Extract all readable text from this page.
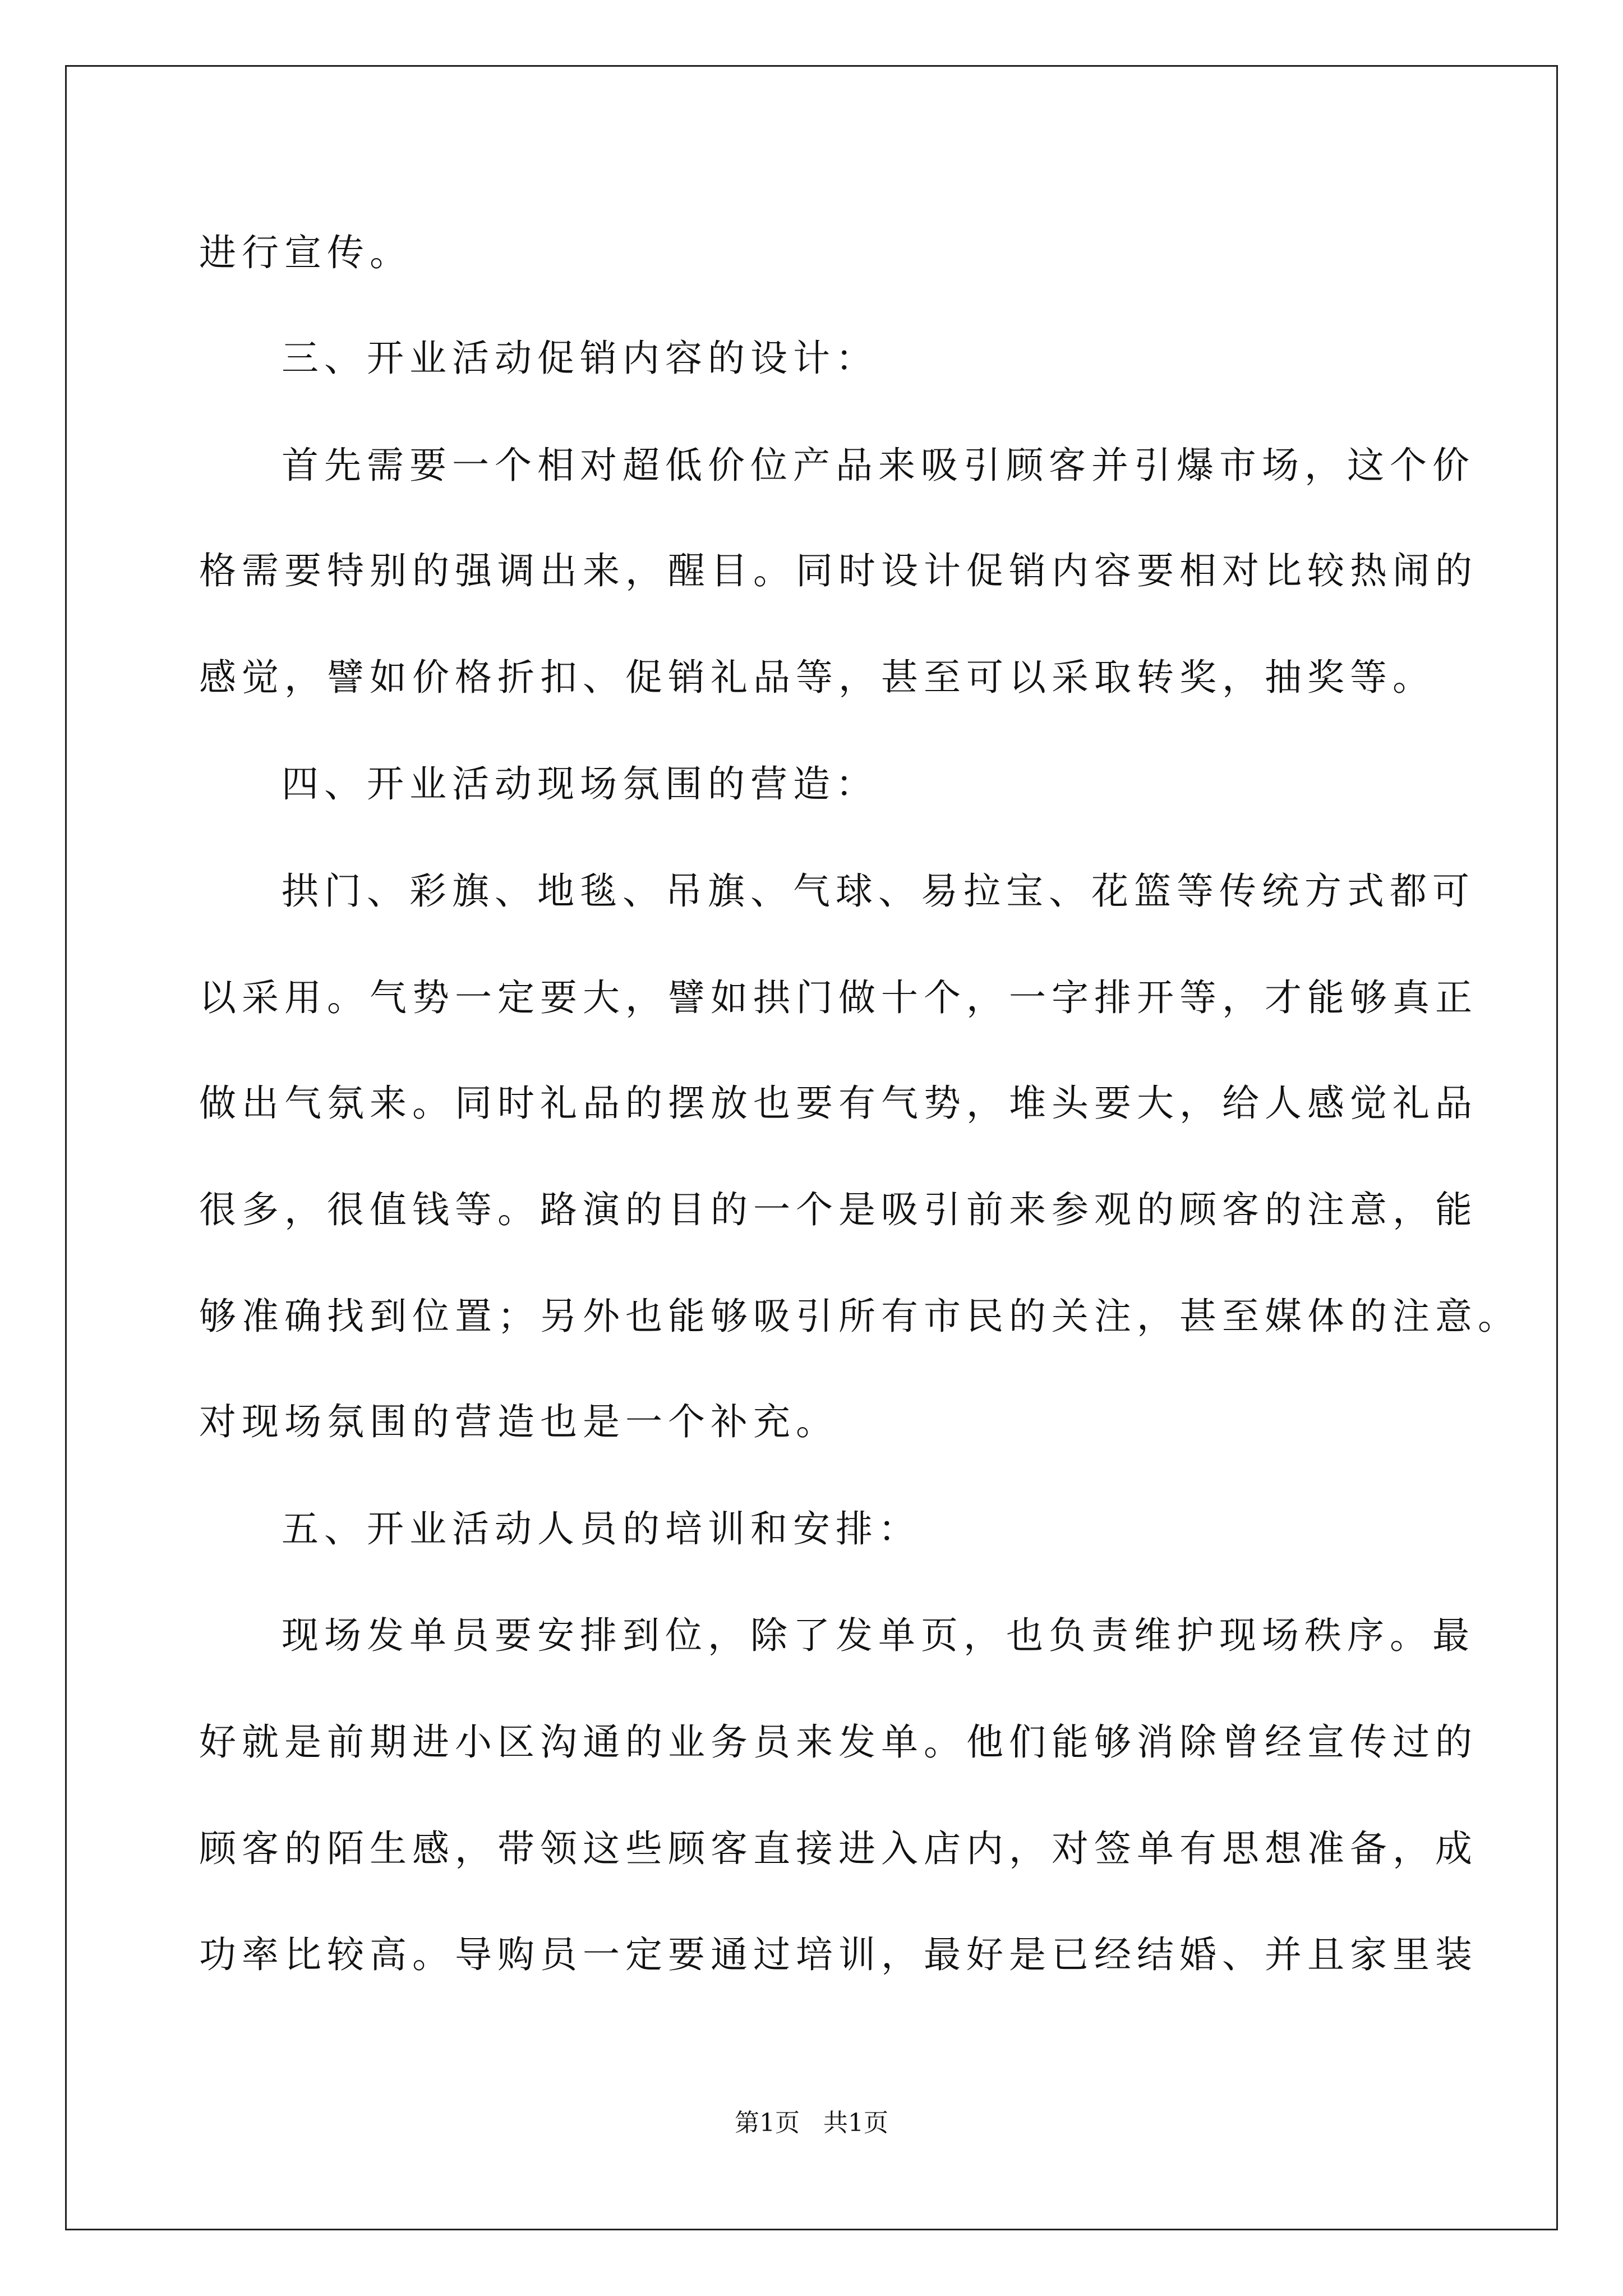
进行宣传。
三、开业活动促销内容的设计：
首先需要一个相对超低价位产品来吸引顾客并引爆市场，这个价
格需要特别的强调出来，醒目。同时设计促销内容要相对比较热闹的
感觉，譬如价格折扣、促销礼品等，甚至可以采取转奖，抽奖等。
四、开业活动现场氛围的营造：
拱门、彩旗、地毯、吊旗、气球、易拉宝、花篮等传统方式都可
以采用。气势一定要大，譬如拱门做十个，一字排开等，才能够真正
做出气氛来。同时礼品的摆放也要有气势，堆头要大，给人感觉礼品
很多，很值钱等。路演的目的一个是吸引前来参观的顾客的注意，能
够准确找到位置；另外也能够吸引所有市民的关注，甚至媒体的注意。
对现场氛围的营造也是一个补充。
五、开业活动人员的培训和安排：
现场发单员要安排到位，除了发单页，也负责维护现场秩序。最
好就是前期进小区沟通的业务员来发单。他们能够消除曾经宣传过的
顾客的陌生感，带领这些顾客直接进入店内，对签单有思想准备，成
功率比较高。导购员一定要通过培训，最好是已经结婚、并且家里装
第1页   共1页
